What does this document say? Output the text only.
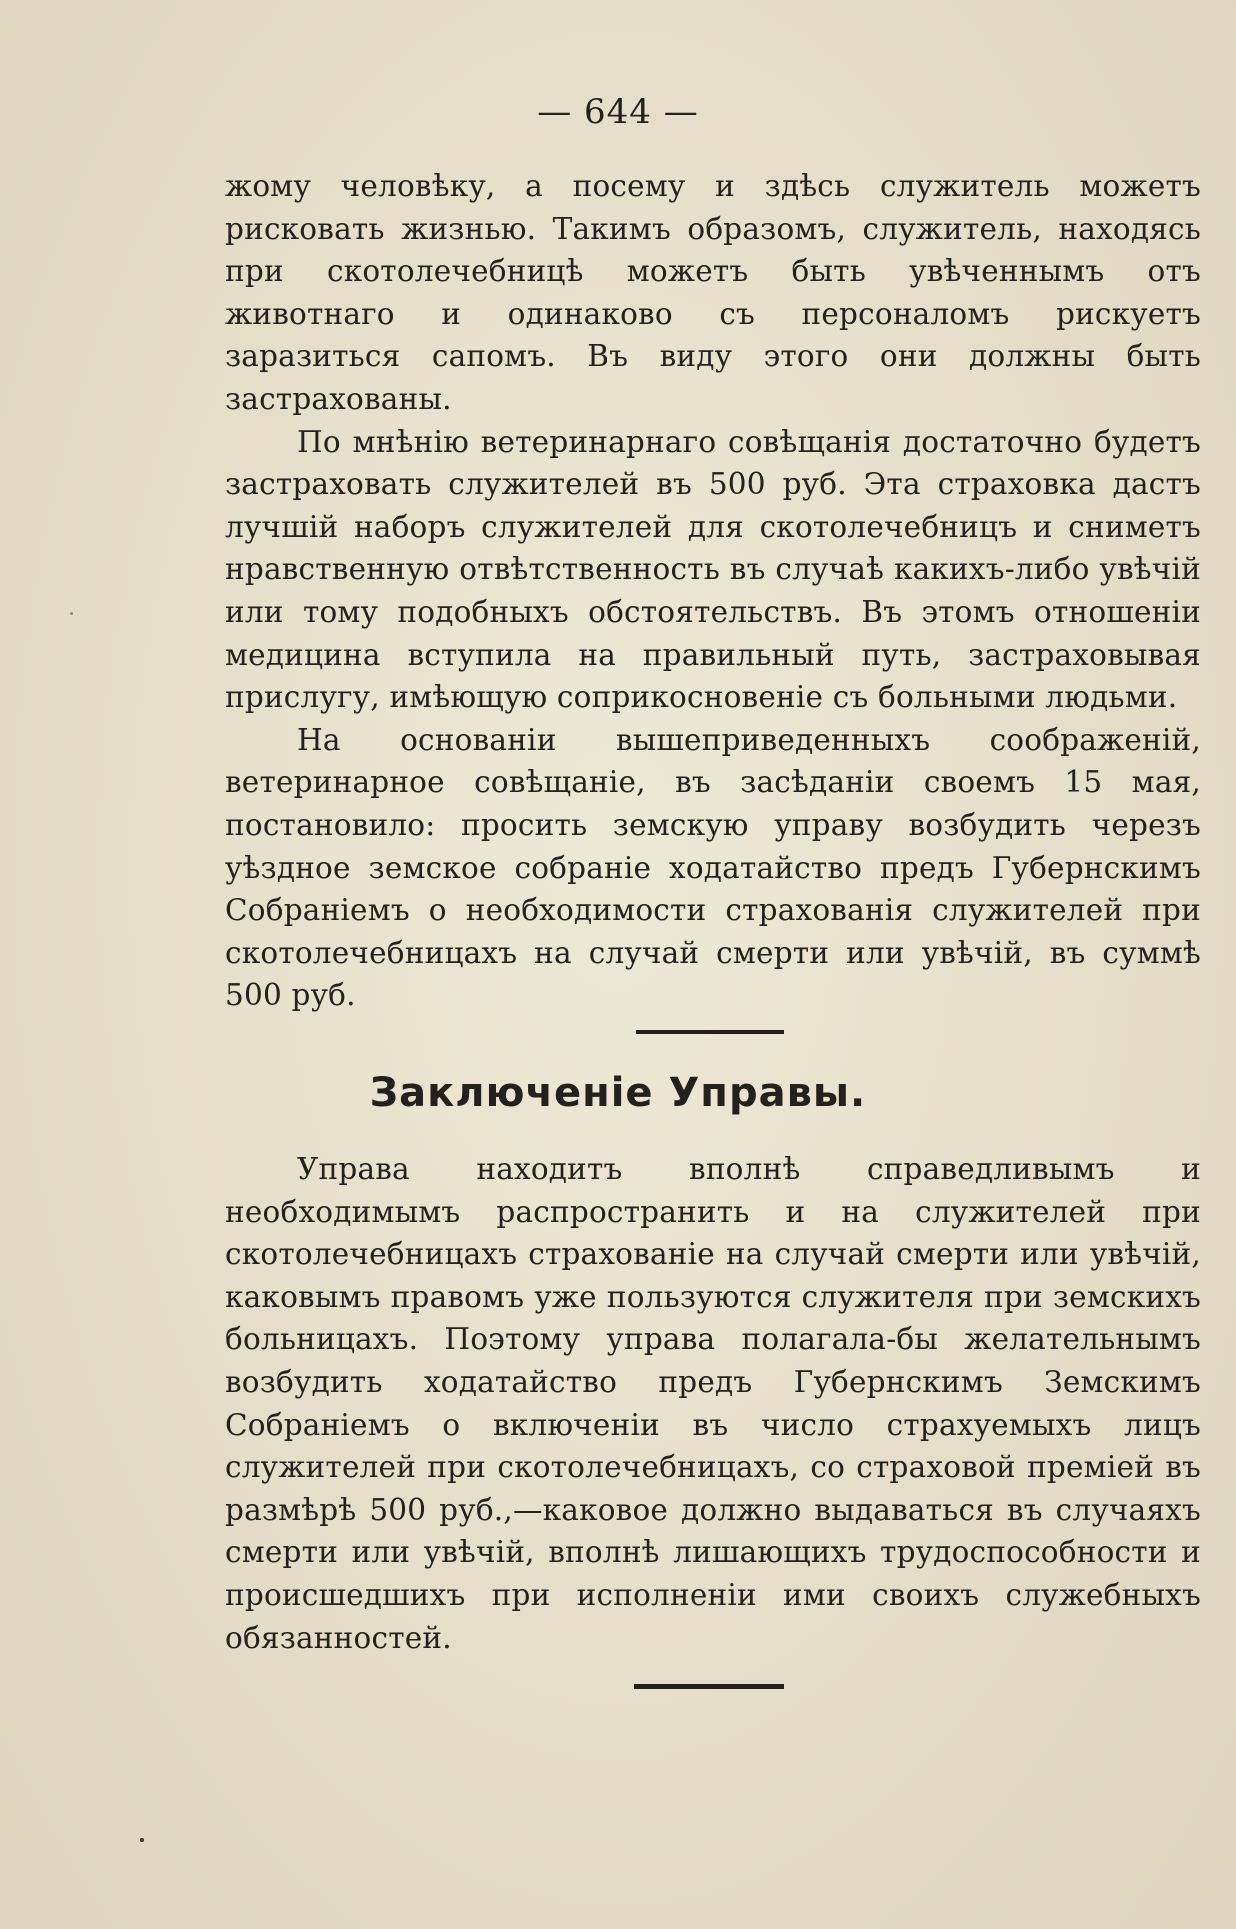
— 644 —

жому человѣку, а посему и здѣсь служитель можетъ рисковать жизнью. Такимъ образомъ, служитель, находясь при скотолечебницѣ можетъ быть увѣченнымъ отъ животнаго и одинаково съ персоналомъ рискуетъ заразиться сапомъ. Въ виду этого они должны быть застрахованы.

По мнѣнію ветеринарнаго совѣщанія достаточно будетъ застраховать служителей въ 500 руб. Эта страховка дастъ лучшій наборъ служителей для скотолечебницъ и сниметъ нравственную отвѣтственность въ случаѣ какихъ-либо увѣчій или тому подобныхъ обстоятельствъ. Въ этомъ отношеніи медицина вступила на правильный путь, застраховывая прислугу, имѣющую соприкосновеніе съ больными людьми.

На основаніи вышеприведенныхъ соображеній, ветеринарное совѣщаніе, въ засѣданіи своемъ 15 мая, постановило: просить земскую управу возбудить черезъ уѣздное земское собраніе ходатайство предъ Губернскимъ Собраніемъ о необходимости страхованія служителей при скотолечебницахъ на случай смерти или увѣчій, въ суммѣ 500 руб.

Заключеніе Управы.

Управа находитъ вполнѣ справедливымъ и необходимымъ распространить и на служителей при скотолечебницахъ страхованіе на случай смерти или увѣчій, каковымъ правомъ уже пользуются служителя при земскихъ больницахъ. Поэтому управа полагала-бы желательнымъ возбудить ходатайство предъ Губернскимъ Земскимъ Собраніемъ о включеніи въ число страхуемыхъ лицъ служителей при скотолечебницахъ, со страховой преміей въ размѣрѣ 500 руб.,—каковое должно выдаваться въ случаяхъ смерти или увѣчій, вполнѣ лишающихъ трудоспособности и происшедшихъ при исполненіи ими своихъ служебныхъ обязанностей.
